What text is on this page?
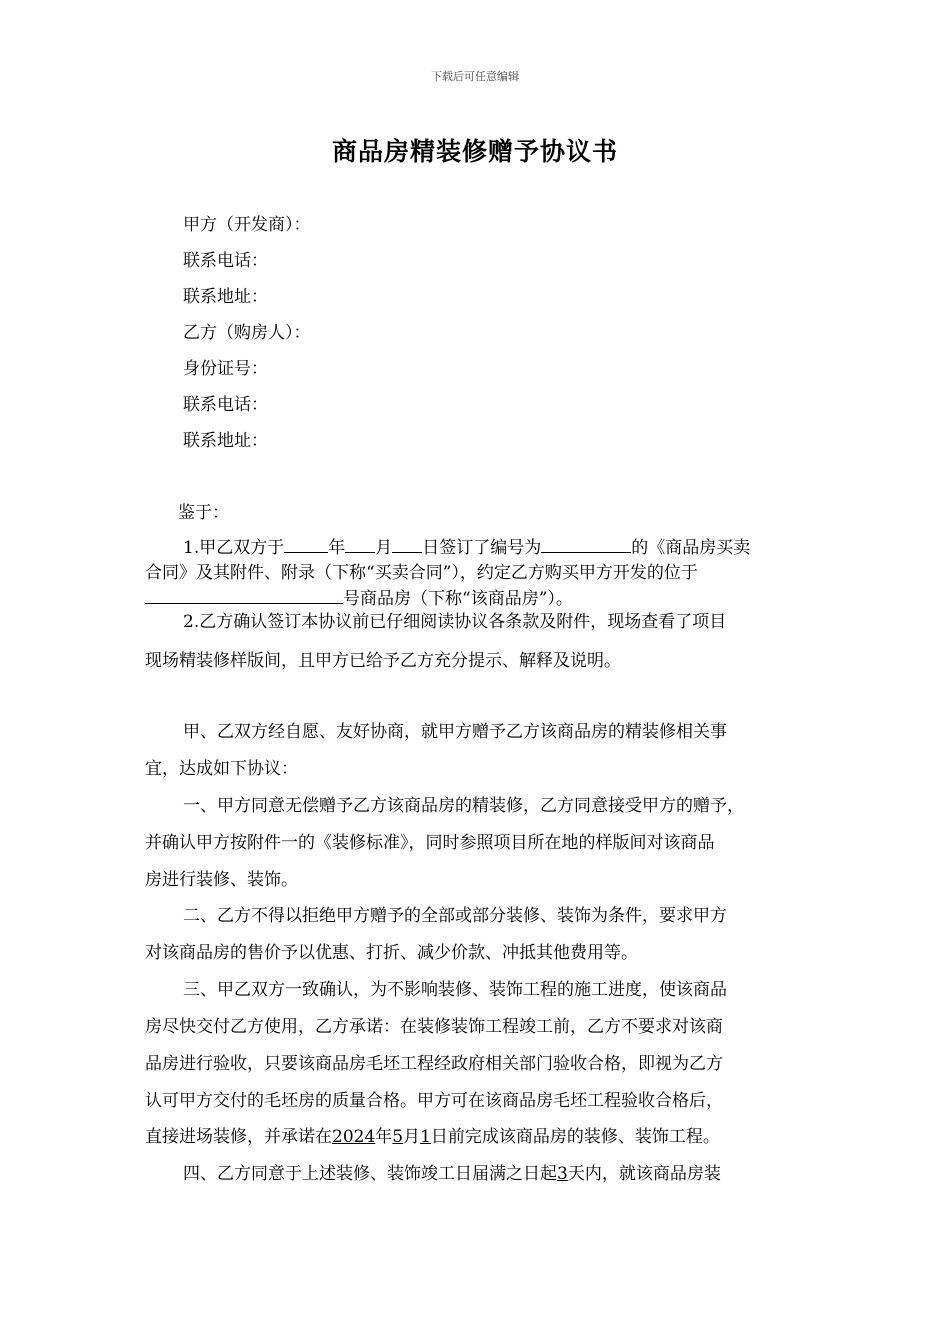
下载后可任意编辑
商品房精装修赠予协议书
甲方（开发商）：
联系电话：
联系地址：
乙方（购房人）：
身份证号：
联系电话：
联系地址：
鉴于：
1.甲乙双方于	年 月 日签订了编号为	的《商品房买卖
合同》及其附件、附录（下称“买卖合同”），约定乙方购买甲方开发的位于
号商品房（下称“该商品房”）。
2.乙方确认签订本协议前已仔细阅读协议各条款及附件，现场查看了项目
现场精装修样版间，且甲方已给予乙方充分提示、解释及说明。
甲、乙双方经自愿、友好协商，就甲方赠予乙方该商品房的精装修相关事
宜，达成如下协议：
一、甲方同意无偿赠予乙方该商品房的精装修，乙方同意接受甲方的赠予，
并确认甲方按附件一的《装修标准》，同时参照项目所在地的样版间对该商品
房进行装修、装饰。
二、乙方不得以拒绝甲方赠予的全部或部分装修、装饰为条件，要求甲方
对该商品房的售价予以优惠、打折、减少价款、冲抵其他费用等。
三、甲乙双方一致确认，为不影响装修、装饰工程的施工进度，使该商品
房尽快交付乙方使用，乙方承诺：在装修装饰工程竣工前，乙方不要求对该商
品房进行验收，只要该商品房毛坯工程经政府相关部门验收合格，即视为乙方
认可甲方交付的毛坯房的质量合格。甲方可在该商品房毛坯工程验收合格后，
直接进场装修，并承诺在2024年5月1日前完成该商品房的装修、装饰工程。
四、乙方同意于上述装修、装饰竣工日届满之日起3天内，就该商品房装
